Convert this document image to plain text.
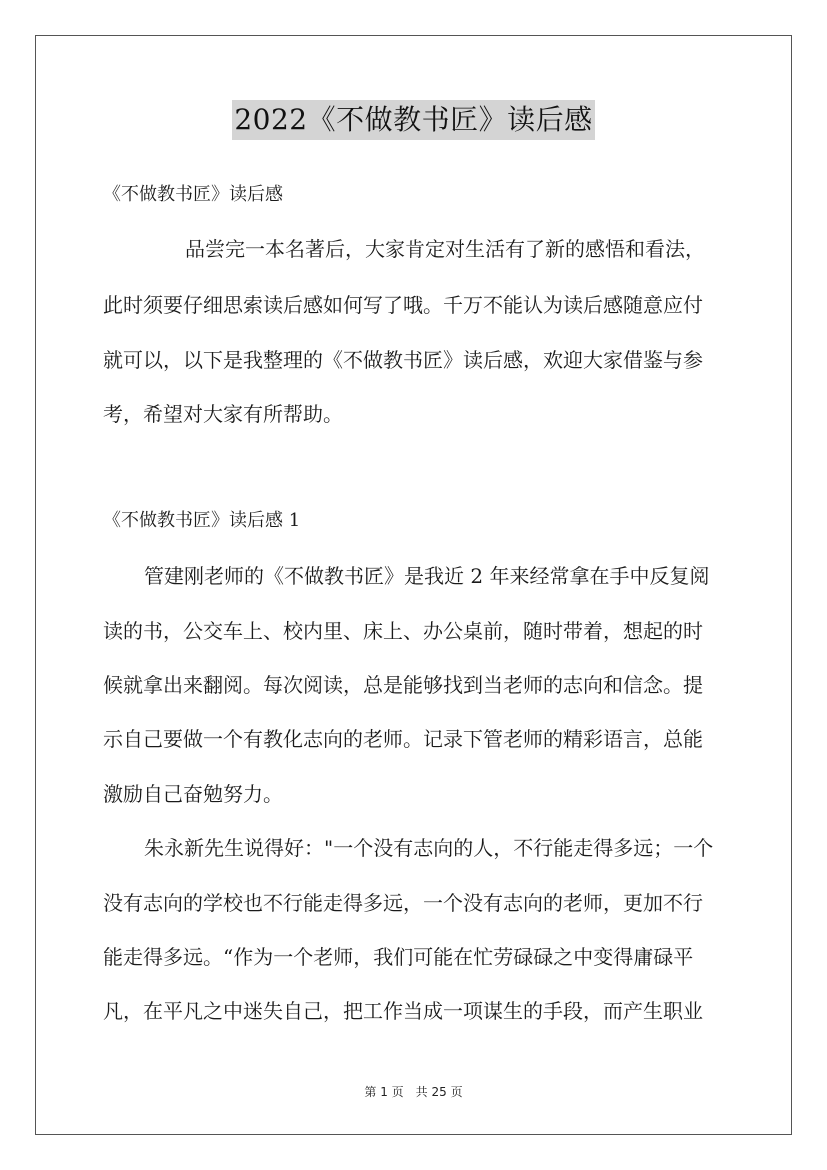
2022《不做教书匠》读后感
《不做教书匠》读后感
品尝完一本名著后，大家肯定对生活有了新的感悟和看法，
此时须要仔细思索读后感如何写了哦。千万不能认为读后感随意应付
就可以，以下是我整理的《不做教书匠》读后感，欢迎大家借鉴与参
考，希望对大家有所帮助。
《不做教书匠》读后感 1
管建刚老师的《不做教书匠》是我近 2 年来经常拿在手中反复阅
读的书，公交车上、校内里、床上、办公桌前，随时带着，想起的时
候就拿出来翻阅。每次阅读，总是能够找到当老师的志向和信念。提
示自己要做一个有教化志向的老师。记录下管老师的精彩语言，总能
激励自己奋勉努力。
朱永新先生说得好："一个没有志向的人，不行能走得多远；一个
没有志向的学校也不行能走得多远，一个没有志向的老师，更加不行
能走得多远。“作为一个老师，我们可能在忙劳碌碌之中变得庸碌平
凡，在平凡之中迷失自己，把工作当成一项谋生的手段，而产生职业
第 1 页　共 25 页
